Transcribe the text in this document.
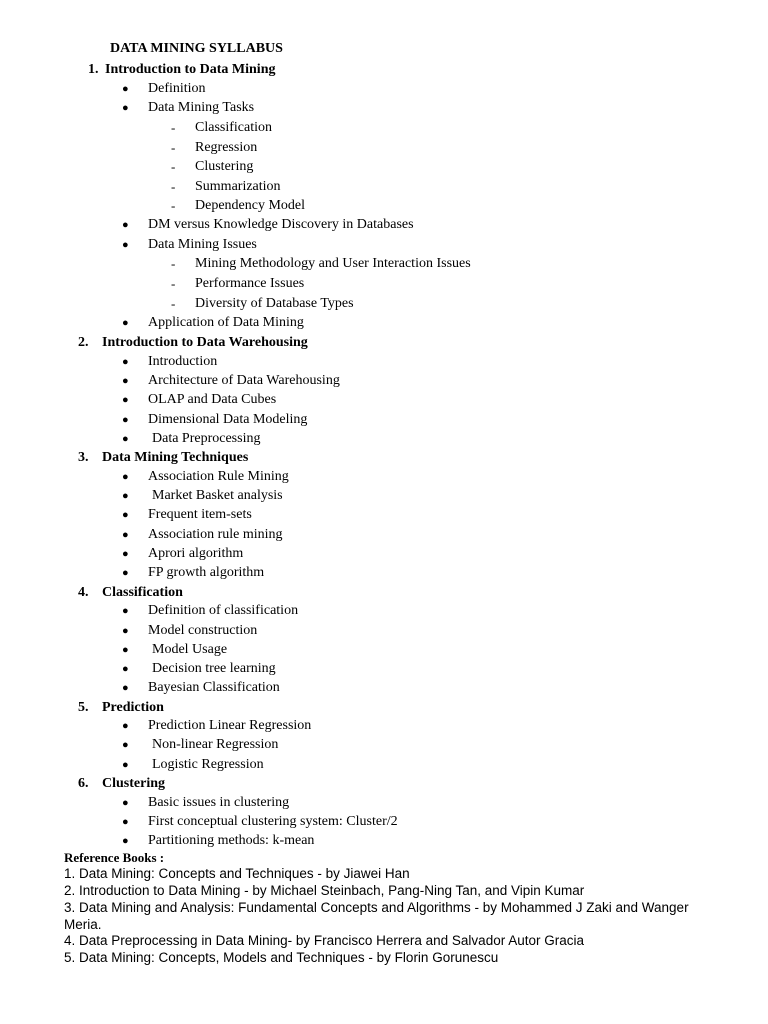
DATA MINING SYLLABUS
1. Introduction to Data Mining
● Definition
● Data Mining Tasks
- Classification
- Regression
- Clustering
- Summarization
- Dependency Model
● DM versus Knowledge Discovery in Databases
● Data Mining Issues
- Mining Methodology and User Interaction Issues
- Performance Issues
- Diversity of Database Types
● Application of Data Mining
2. Introduction to Data Warehousing
● Introduction
● Architecture of Data Warehousing
● OLAP and Data Cubes
● Dimensional Data Modeling
● Data Preprocessing
3. Data Mining Techniques
● Association Rule Mining
● Market Basket analysis
● Frequent item-sets
● Association rule mining
● Aprori algorithm
● FP growth algorithm
4. Classification
● Definition of classification
● Model construction
● Model Usage
● Decision tree learning
● Bayesian Classification
5. Prediction
● Prediction Linear Regression
● Non-linear Regression
● Logistic Regression
6. Clustering
● Basic issues in clustering
● First conceptual clustering system: Cluster/2
● Partitioning methods: k-mean
Reference Books :
1. Data Mining: Concepts and Techniques - by Jiawei Han
2. Introduction to Data Mining - by Michael Steinbach, Pang-Ning Tan, and Vipin Kumar
3. Data Mining and Analysis: Fundamental Concepts and Algorithms - by Mohammed J Zaki and Wanger Meria.
4. Data Preprocessing in Data Mining- by Francisco Herrera and Salvador Autor Gracia
5. Data Mining: Concepts, Models and Techniques - by Florin Gorunescu
